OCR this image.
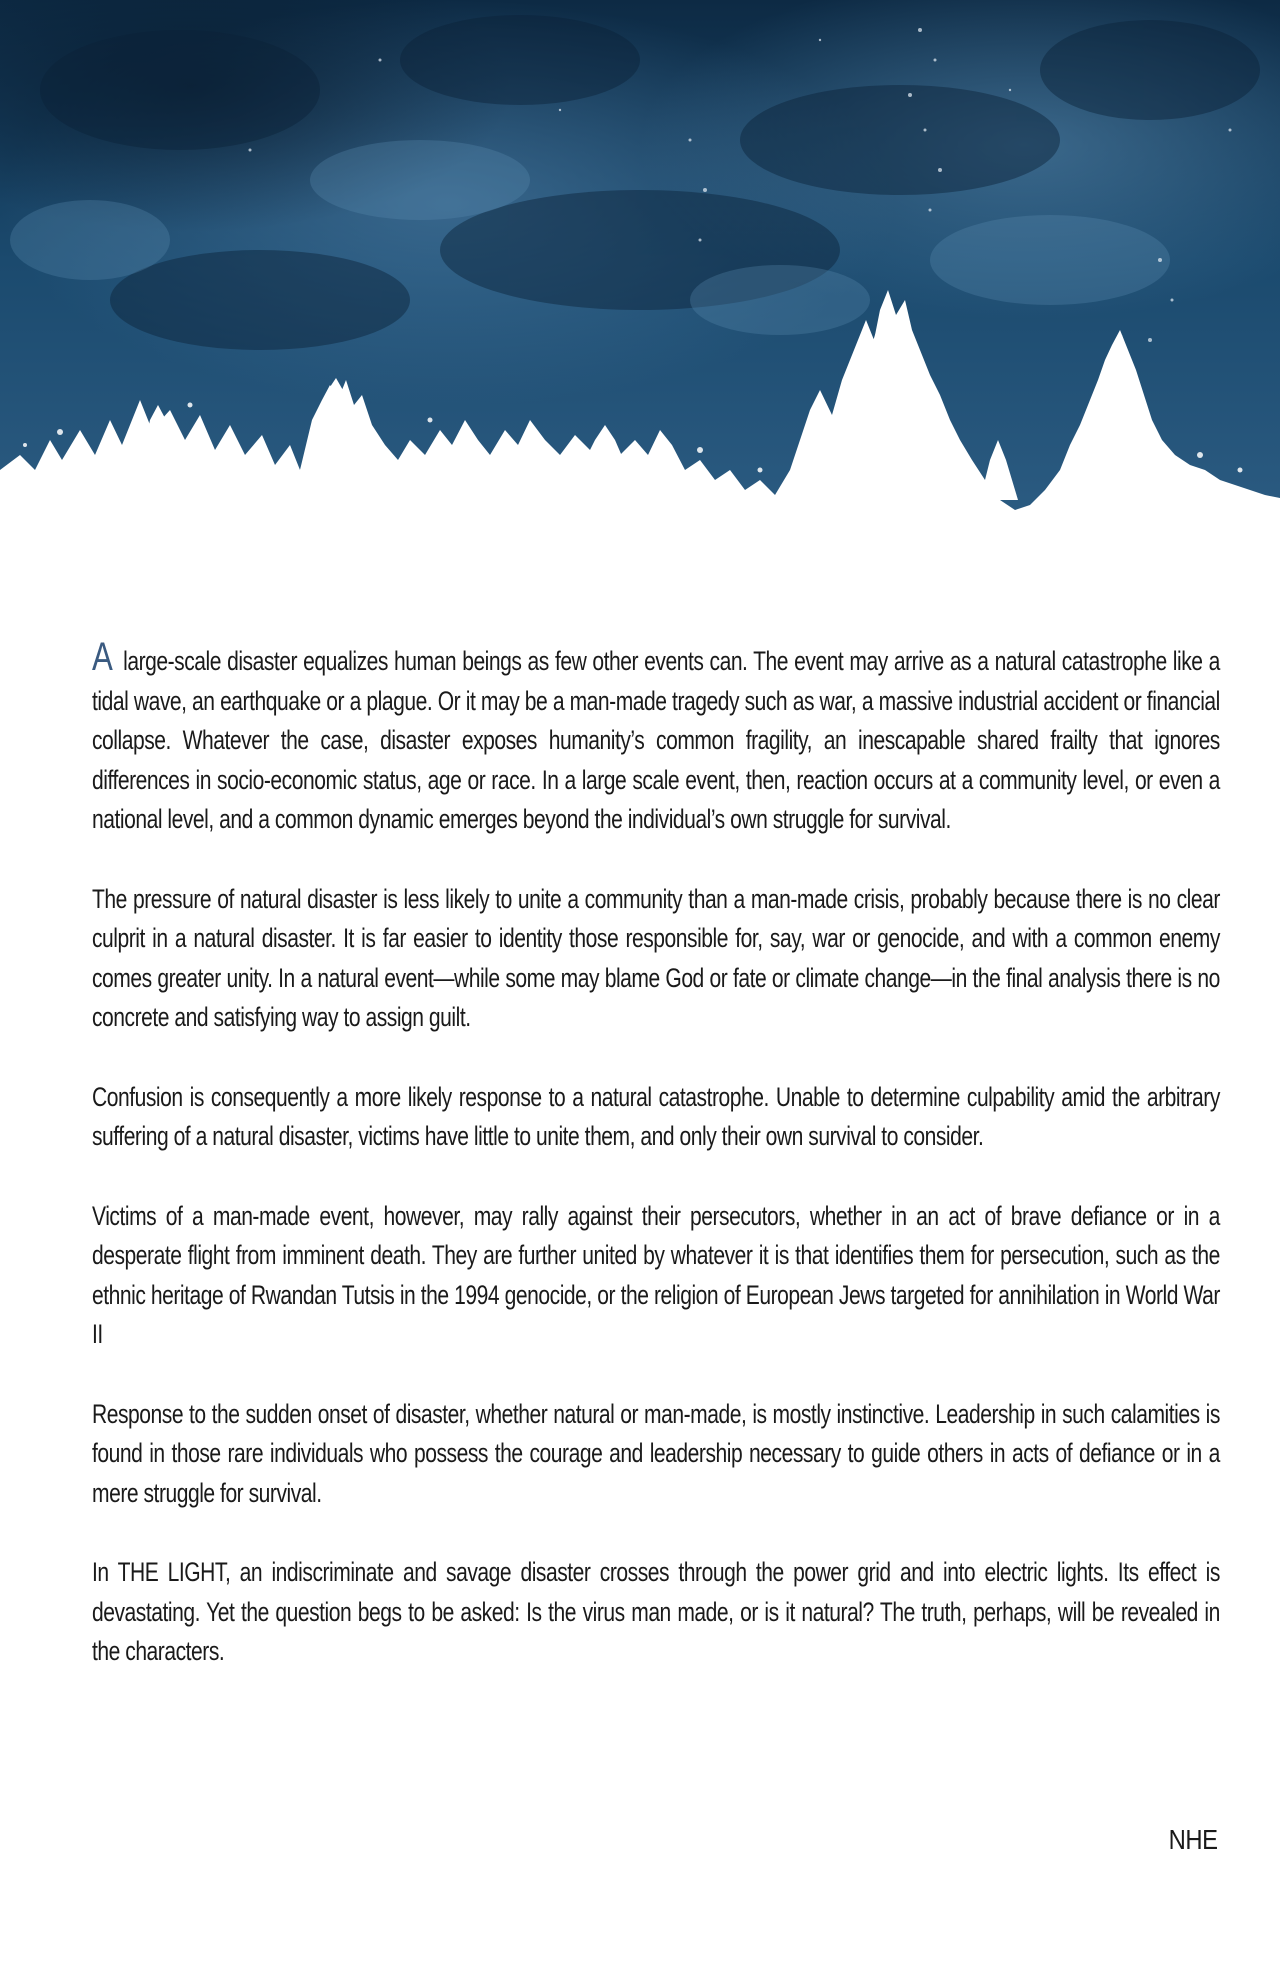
A large-scale disaster equalizes human beings as few other events can. The event may arrive as a natural catastrophe like a tidal wave, an earthquake or a plague. Or it may be a man-made tragedy such as war, a massive industrial accident or financial collapse. Whatever the case, disaster exposes humanity’s common fragility, an inescapable shared frailty that ignores differences in socio-economic status, age or race. In a large scale event, then, reaction occurs at a community level, or even a national level, and a common dynamic emerges beyond the individual’s own struggle for survival.

The pressure of natural disaster is less likely to unite a community than a man-made crisis, probably because there is no clear culprit in a natural disaster. It is far easier to identity those responsible for, say, war or genocide, and with a common enemy comes greater unity. In a natural event—while some may blame God or fate or climate change—in the final analysis there is no concrete and satisfying way to assign guilt.

Confusion is consequently a more likely response to a natural catastrophe. Unable to determine culpability amid the arbitrary suffering of a natural disaster, victims have little to unite them, and only their own survival to consider.

Victims of a man-made event, however, may rally against their persecutors, whether in an act of brave defiance or in a desperate flight from imminent death. They are further united by whatever it is that identifies them for persecution, such as the ethnic heritage of Rwandan Tutsis in the 1994 genocide, or the religion of European Jews targeted for annihilation in World War II

Response to the sudden onset of disaster, whether natural or man-made, is mostly instinctive. Leadership in such calamities is found in those rare individuals who possess the courage and leadership necessary to guide others in acts of defiance or in a mere struggle for survival.

In THE LIGHT, an indiscriminate and savage disaster crosses through the power grid and into electric lights. Its effect is devastating. Yet the question begs to be asked: Is the virus man made, or is it natural? The truth, perhaps, will be revealed in the characters.

NHE
